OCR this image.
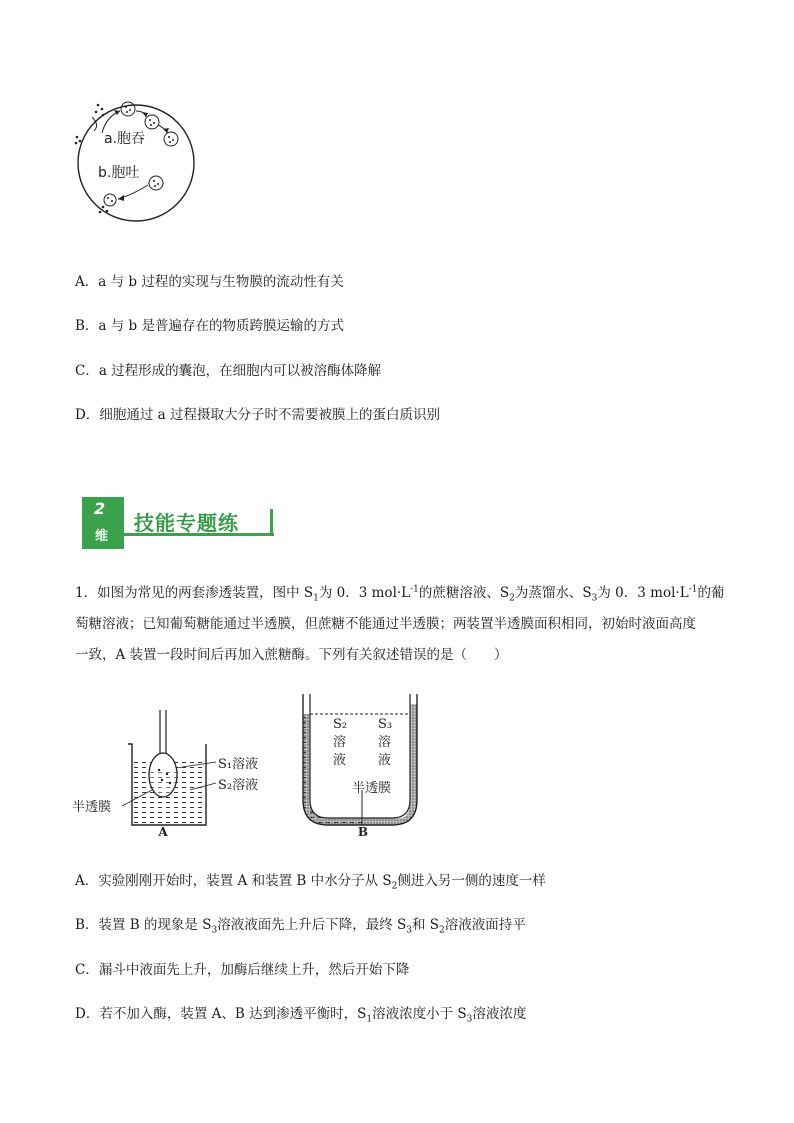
a.胞吞
b.胞吐
A．a 与 b 过程的实现与生物膜的流动性有关
B．a 与 b 是普遍存在的物质跨膜运输的方式
C．a 过程形成的囊泡，在细胞内可以被溶酶体降解
D．细胞通过 a 过程摄取大分子时不需要被膜上的蛋白质识别
2
维
技能专题练
1．如图为常见的两套渗透装置，图中 $S_1$为 0．3 $mol\cdot L^{-1}$的蔗糖溶液、$S_2$为蒸馏水、$S_3$为 0．3 $mol\cdot L^{-1}$的葡
萄糖溶液；已知葡萄糖能通过半透膜，但蔗糖不能通过半透膜；两装置半透膜面积相同，初始时液面高度
一致，A 装置一段时间后再加入蔗糖酶。下列有关叙述错误的是（　　）
S₁溶液
S₂溶液
半透膜
A
S₂
溶
液
S₃
溶
液
半透膜
B
A．实验刚刚开始时，装置 A 和装置 B 中水分子从 $S_2$侧进入另一侧的速度一样
B．装置 B 的现象是 $S_3$溶液液面先上升后下降，最终 $S_3$和 $S_2$溶液液面持平
C．漏斗中液面先上升，加酶后继续上升，然后开始下降
D．若不加入酶，装置 A、B 达到渗透平衡时，$S_1$溶液浓度小于 $S_3$溶液浓度
